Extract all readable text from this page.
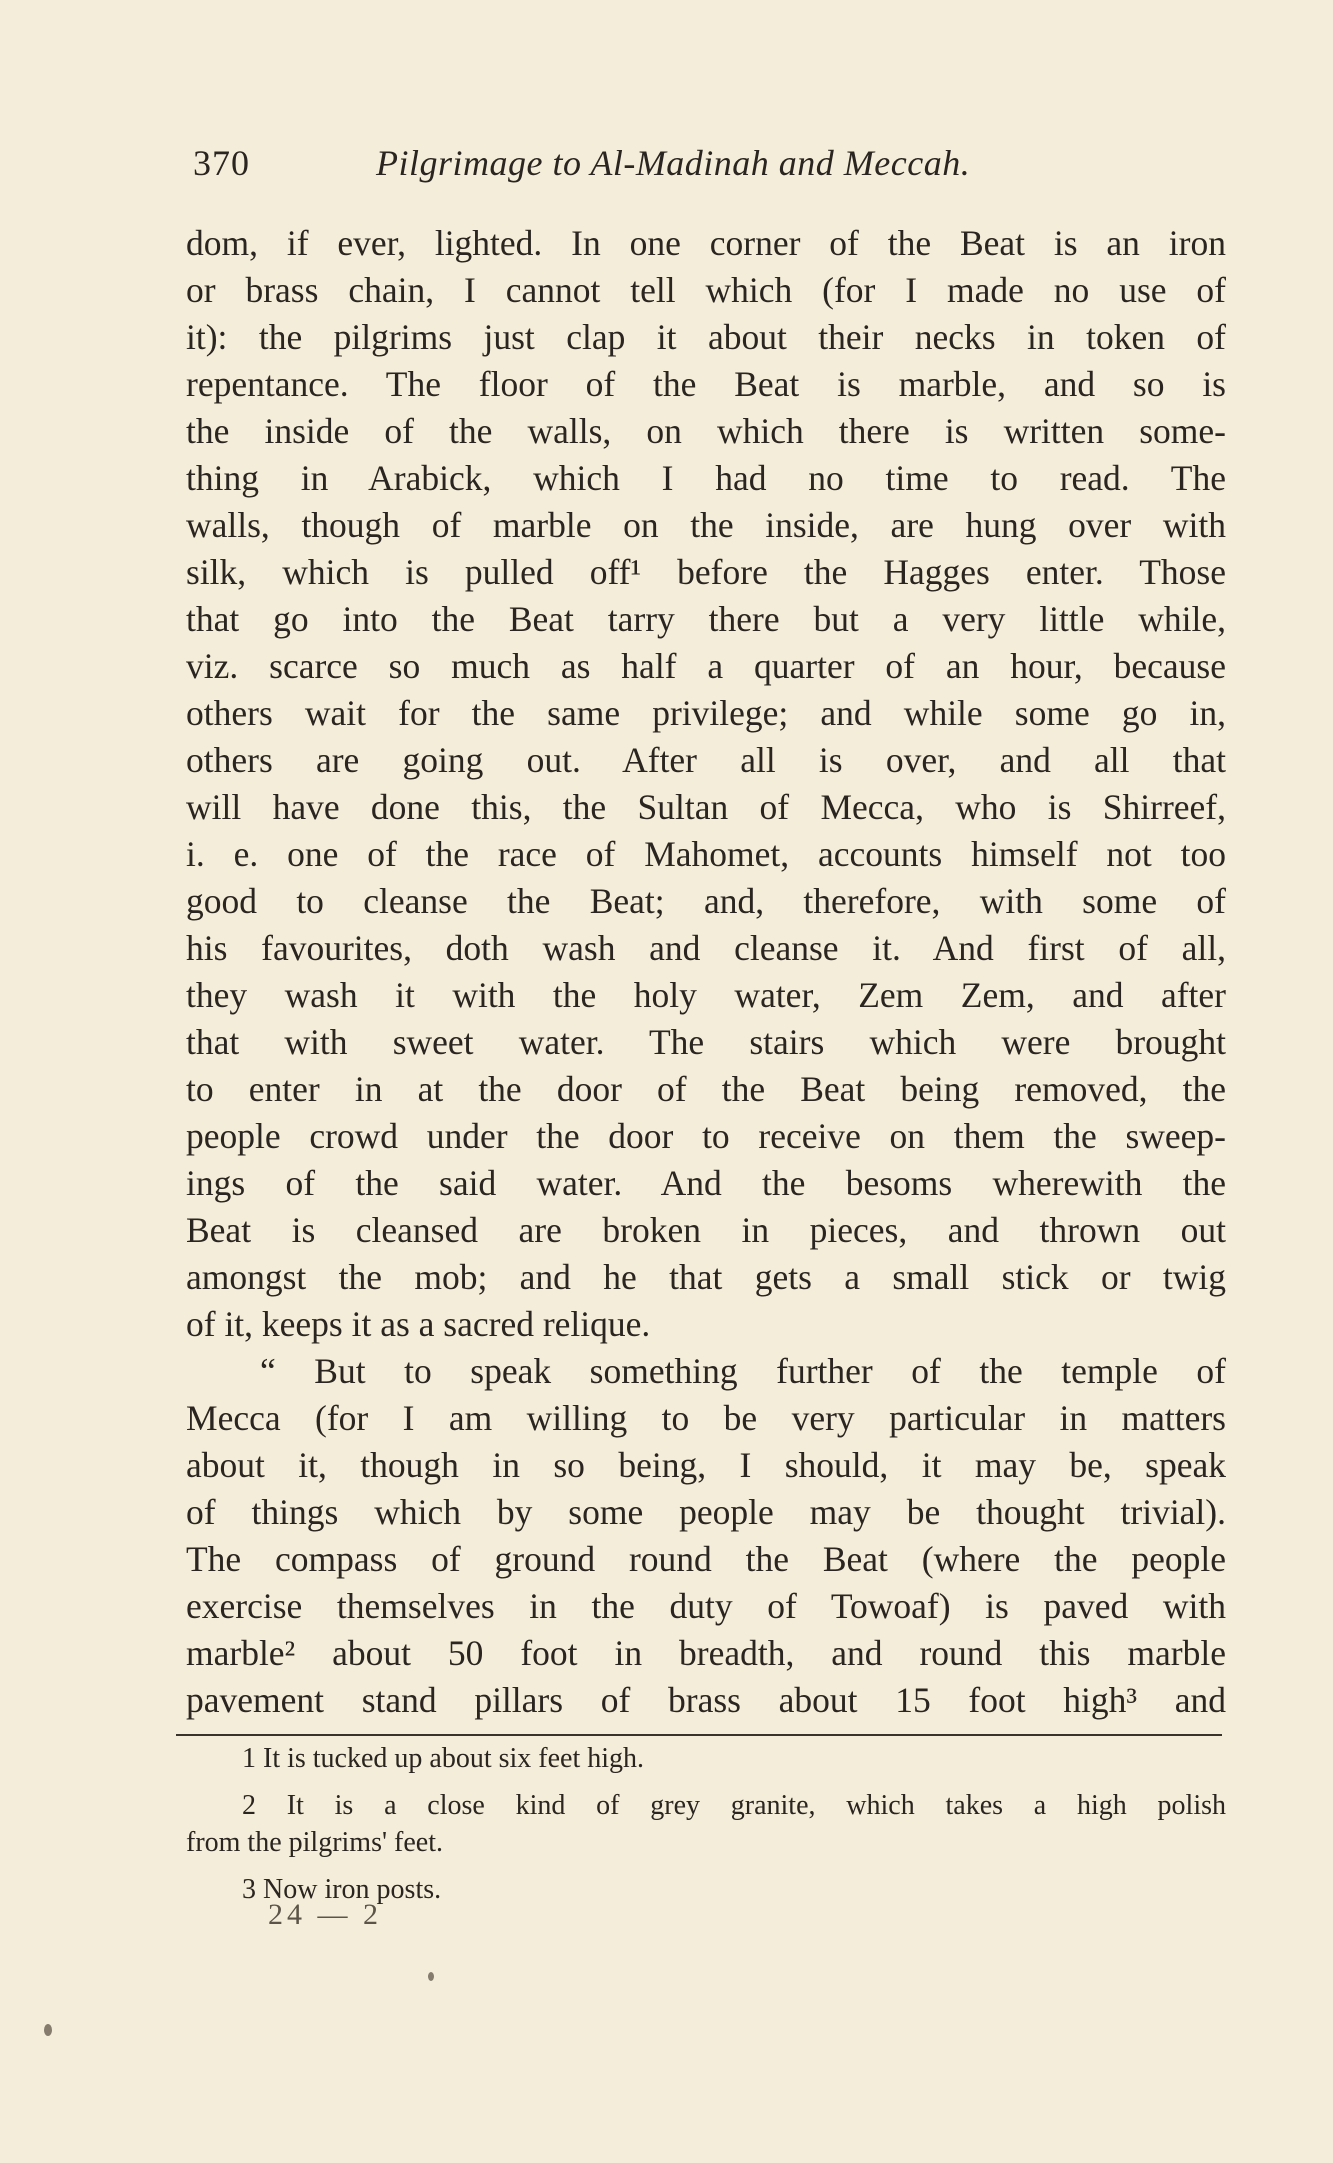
370	Pilgrimage to Al-Madinah and Meccah.
dom, if ever, lighted. In one corner of the Beat is an iron
or brass chain, I cannot tell which (for I made no use of
it): the pilgrims just clap it about their necks in token of
repentance. The floor of the Beat is marble, and so is
the inside of the walls, on which there is written some-
thing in Arabick, which I had no time to read. The
walls, though of marble on the inside, are hung over with
silk, which is pulled off¹ before the Hagges enter. Those
that go into the Beat tarry there but a very little while,
viz. scarce so much as half a quarter of an hour, because
others wait for the same privilege; and while some go in,
others are going out. After all is over, and all that
will have done this, the Sultan of Mecca, who is Shirreef,
i. e. one of the race of Mahomet, accounts himself not too
good to cleanse the Beat; and, therefore, with some of
his favourites, doth wash and cleanse it. And first of all,
they wash it with the holy water, Zem Zem, and after
that with sweet water. The stairs which were brought
to enter in at the door of the Beat being removed, the
people crowd under the door to receive on them the sweep-
ings of the said water. And the besoms wherewith the
Beat is cleansed are broken in pieces, and thrown out
amongst the mob; and he that gets a small stick or twig
of it, keeps it as a sacred relique.
“ But to speak something further of the temple of
Mecca (for I am willing to be very particular in matters
about it, though in so being, I should, it may be, speak
of things which by some people may be thought trivial).
The compass of ground round the Beat (where the people
exercise themselves in the duty of Towoaf) is paved with
marble² about 50 foot in breadth, and round this marble
pavement stand pillars of brass about 15 foot high³ and
1 It is tucked up about six feet high.
2 It is a close kind of grey granite, which takes a high polish
from the pilgrims' feet.
3 Now iron posts.
24 — 2
